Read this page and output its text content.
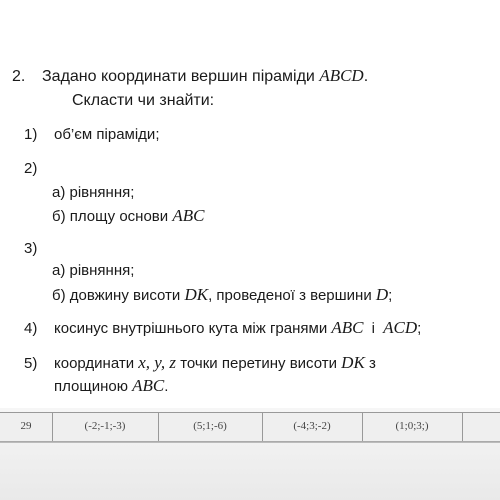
2. Задано координати вершин піраміди ABCD.
Скласти чи знайти:
1) об’єм піраміди;
2)
а) рівняння;
б) площу основи ABC
3)
а) рівняння;
б) довжину висоти DK, проведеної з вершини D;
4) косинус внутрішнього кута між гранями ABC і ACD;
5) координати x, y, z точки перетину висоти DK з
площиною ABC.
29	(-2;-1;-3)	(5;1;-6)	(-4;3;-2)	(1;0;3;)
